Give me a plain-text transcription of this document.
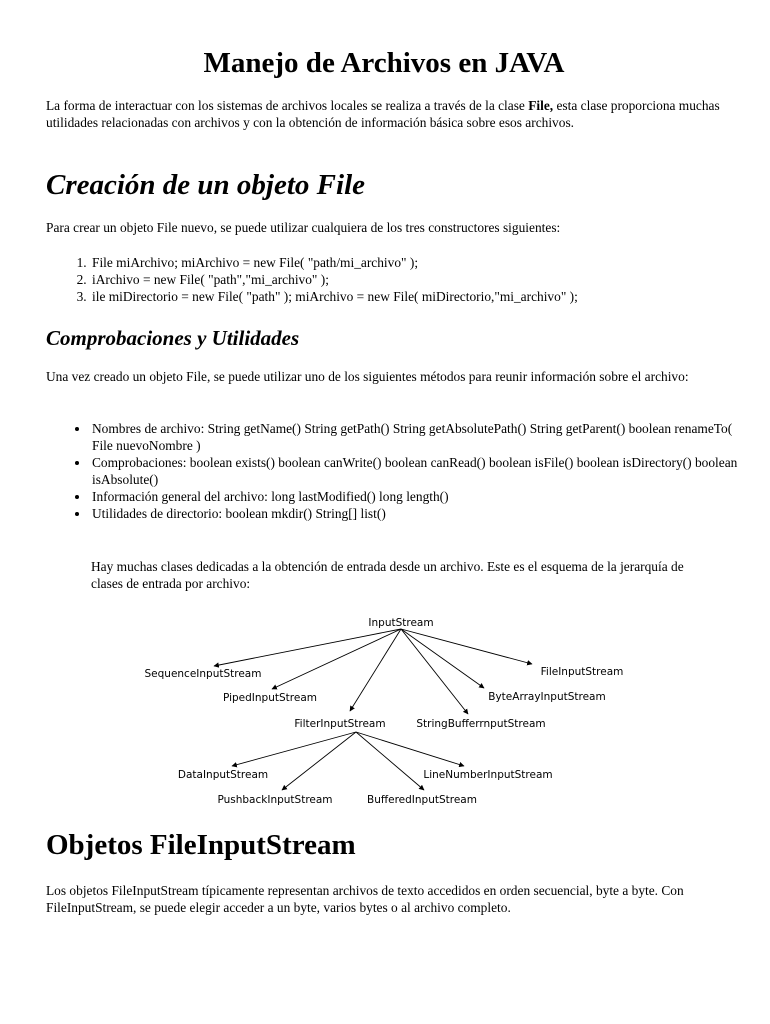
Manejo de Archivos en JAVA

La forma de interactuar con los sistemas de archivos locales se realiza a través de la clase File, esta clase proporciona muchas utilidades relacionadas con archivos y con la obtención de información básica sobre esos archivos.

Creación de un objeto File

Para crear un objeto File nuevo, se puede utilizar cualquiera de los tres constructores siguientes:

1. File miArchivo; miArchivo = new File( "path/mi_archivo" );
2. iArchivo = new File( "path","mi_archivo" );
3. ile miDirectorio = new File( "path" ); miArchivo = new File( miDirectorio,"mi_archivo" );
Comprobaciones y Utilidades

Una vez creado un objeto File, se puede utilizar uno de los siguientes métodos para reunir información sobre el archivo:

• Nombres de archivo: String getName() String getPath() String getAbsolutePath() String getParent() boolean renameTo( File nuevoNombre )
• Comprobaciones: boolean exists() boolean canWrite() boolean canRead() boolean isFile() boolean isDirectory() boolean isAbsolute()
• Información general del archivo: long lastModified() long length()
• Utilidades de directorio: boolean mkdir() String[] list()

Hay muchas clases dedicadas a la obtención de entrada desde un archivo. Este es el esquema de la jerarquía de clases de entrada por archivo:

InputStream
SequenceInputStream
PipedInputStream
FilterInputStream	StringBufferrnputStream
ByteArrayInputStream
FileInputStream
DataInputStream
PushbackInputStream	BufferedInputStream
LineNumberInputStream
Objetos FileInputStream

Los objetos FileInputStream típicamente representan archivos de texto accedidos en orden secuencial, byte a byte. Con FileInputStream, se puede elegir acceder a un byte, varios bytes o al archivo completo.
